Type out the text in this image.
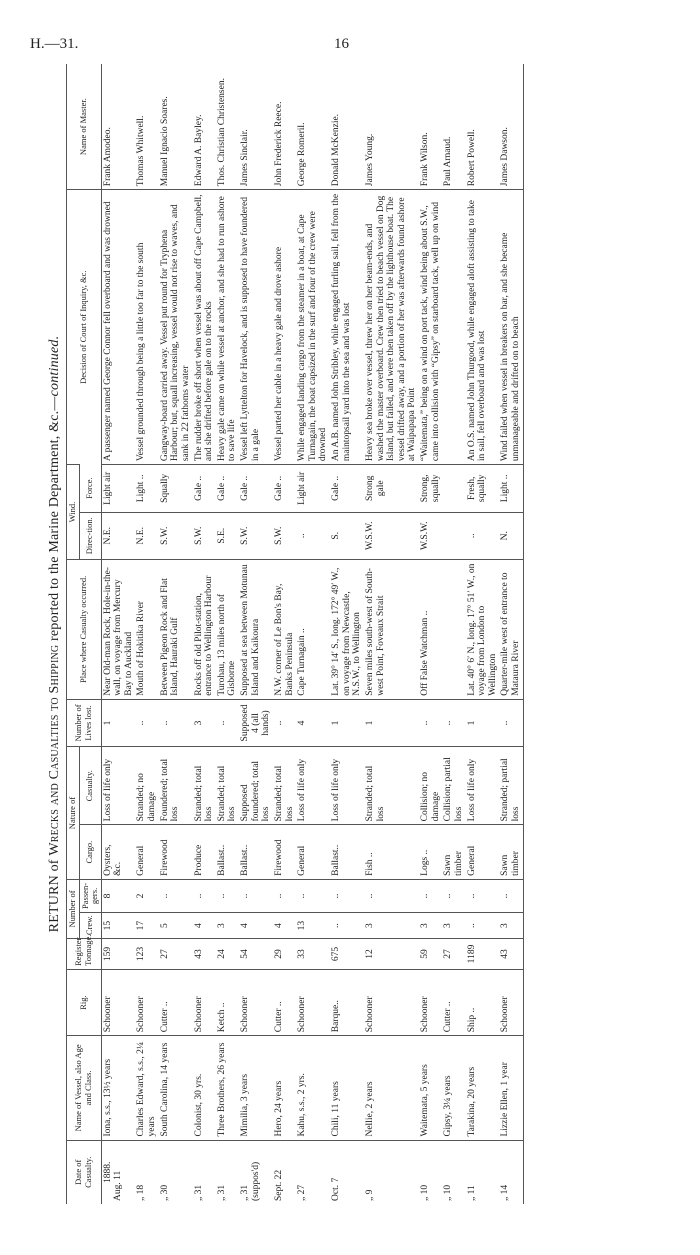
H.—31.	16
RETURN of Wrecks and Casualties to Shipping reported to the Marine Department, &c.—continued.
Date of Casualty.	Name of Vessel, also Age and Class.	Rig.	Register Tonnage.	Number of		Nature of		Number of Lives lost.	Place where Casualty occurred.	Wind.		Decision of Court of Inquiry, &c.	Name of Master.
				Crew.	Passen-gers.	Cargo.	Casualty.			Direc-tion.	Force.		

1888.
Aug. 11	Iona, s.s., 13½ years	Schooner	159	15	8	Oysters, &c.	Loss of life only	1	Near Old-man Rock, Hole-in-the-wall, on voyage from Mercury Bay to Auckland	N.E.	Light air	A passenger named George Connor fell overboard and was drowned	Frank Amodeo.
„ 18	Charles Edward, s.s., 2¼ years	Schooner	123	17	2	General	Stranded; no damage	..	Mouth of Hokitika River	N.E.	Light ..	Vessel grounded through being a little too far to the south	Thomas Whitwell.
„ 30	South Carolina, 14 years	Cutter ..	27	5	..	Firewood	Foundered; total loss	..	Between Pigeon Rock and Flat Island, Hauraki Gulf	S.W.	Squally	Gangway-board carried away. Vessel put round for Tryphena Harbour; but, squall increasing, vessel would not rise to waves, and sank in 22 fathoms water	Manuel Ignacio Soares.
„ 31	Colonist, 30 yrs.	Schooner	43	4	..	Produce	Stranded; total loss	3	Rocks off old Pilot-station, entrance to Wellington Harbour	S.W.	Gale ..	The rudder broke off short when vessel was about off Cape Campbell, and she drifted before gale on to the rocks	Edward A. Bayley.
„ 31	Three Brothers, 26 years	Ketch ..	24	3	..	Ballast..	Stranded; total loss	..	Turohau, 13 miles north of Gisborne	S.E.	Gale ..	Heavy gale came on while vessel at anchor, and she had to run ashore to save life	Thos. Christian Christensen.
„ 31 (suppos'd)	Mimilia, 3 years	Schooner	54	4	..	Ballast..	Supposed foundered; total loss	Supposed 4 (all hands)	Supposed at sea between Motunau Island and Kaikoura	S.W.	Gale ..	Vessel left Lyttelton for Havelock, and is supposed to have foundered in a gale	James Sinclair.
Sept. 22	Hero, 24 years	Cutter ..	29	4	..	Firewood	Stranded; total loss	..	N.W. corner of Le Bon's Bay, Banks Peninsula	S.W.	Gale ..	Vessel parted her cable in a heavy gale and drove ashore	John Frederick Reece.
„ 27	Kahu, s.s., 2 yrs.	Schooner	33	13	..	General	Loss of life only	4	Cape Turnagain ..	..	Light air	While engaged landing cargo from the steamer in a boat, at Cape Turnagain, the boat capsized in the surf and four of the crew were drowned	George Romeril.
Oct. 7	Chili, 11 years	Barque..	675	..	..	Ballast..	Loss of life only	1	Lat. 39° 14′ S., long. 172° 49′ W., on voyage from Newcastle, N.S.W., to Wellington	S.	Gale ..	An A.B. named John Stribley, while engaged furling sail, fell from the maintopsail yard into the sea and was lost	Donald McKenzie.
„ 9	Nellie, 2 years	Schooner	12	3	..	Fish ..	Stranded; total loss	1	Seven miles south-west of South-west Point, Foveaux Strait	W.S.W.	Strong gale	Heavy sea broke over vessel, threw her on her beam-ends, and washed the master overboard. Crew then tried to beach vessel on Dog Island, but failed, and were then taken off by the lighthouse boat. The vessel drifted away, and a portion of her was afterwards found ashore at Waipapapa Point	James Young.
„ 10	Waitemata, 5 years	Schooner	59	3	..	Logs ..	Collision; no damage	..	Off False Watchman ..	W.S.W.	Strong, squally	“Waitemata,” being on a wind on port tack, wind being about S.W., came into collision with “Gipsy” on starboard tack, well up on wind	Frank Wilson.
„ 10	Gipsy, 3¼ years	Cutter ..	27	3	..	Sawn timber	Collision; partial loss	..					Paul Arnaud.
„ 11	Tarakina, 20 years	Ship ..	1189	..	..	General	Loss of life only	1	Lat. 40° 6′ N., long. 17° 51′ W., on voyage from London to Wellington	..	Fresh, squally	An O.S. named John Thurgood, while engaged aloft assisting to take in sail, fell overboard and was lost	Robert Powell.
„ 14	Lizzie Ellen, 1 year	Schooner	43	3	..	Sawn timber	Stranded; partial loss	..	Quarter-mile west of entrance to Mataura River	N.	Light ..	Wind failed when vessel in breakers on bar, and she became unmanageable and drifted on to beach	James Dawson.
